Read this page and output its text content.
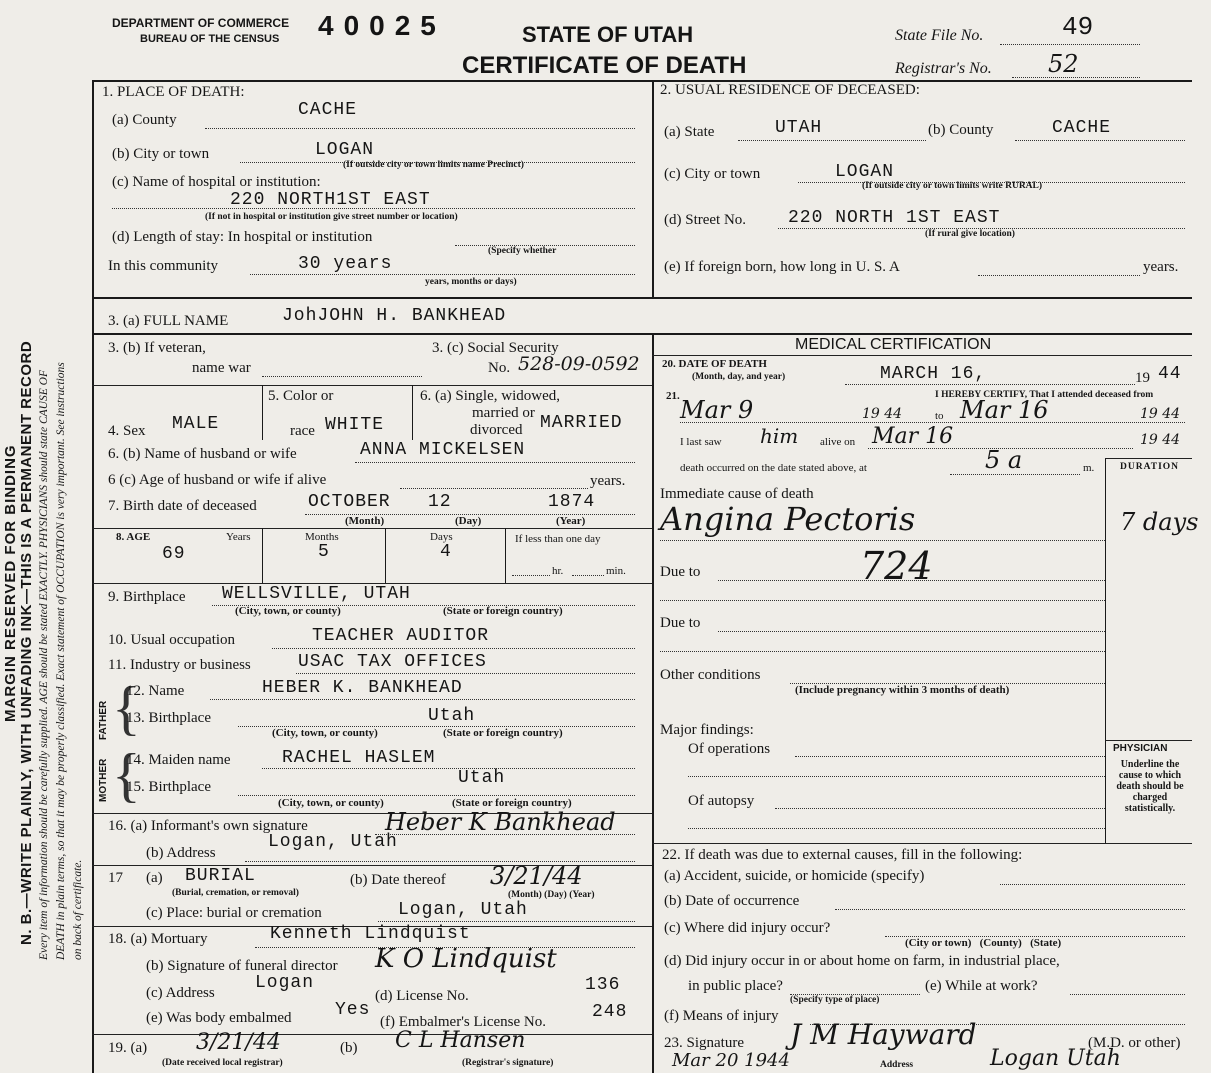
MARGIN RESERVED FOR BINDING N. B.—WRITE PLAINLY, WITH UNFADING INK—THIS IS A PERMANENT RECORD Every item of information should be carefully supplied. AGE should be stated EXACTLY. PHYSICIANS should state CAUSE OF DEATH in plain terms, so that it may be properly classified. Exact statement of OCCUPATION is very important. See instructions on back of certificate.
DEPARTMENT OF COMMERCE
BUREAU OF THE CENSUS 40025	STATE OF UTAH
CERTIFICATE OF DEATH
State File No.	49
Registrar's No. 52
1. PLACE OF DEATH:
(a) County	CACHE
(b) City or town	LOGAN
(If outside city or town limits name Precinct)
(c) Name of hospital or institution:
220 NORTH1ST EAST
(If not in hospital or institution give street number or location)
(d) Length of stay: In hospital or institution
(Specify whether
In this community	30 years
years, months or days)
2. USUAL RESIDENCE OF DECEASED:
(a) State	UTAH	(b) County	CACHE
(c) City or town	LOGAN
(If outside city or town limits write RURAL)
(d) Street No. 220 NORTH 1ST EAST
(If rural give location)
(e) If foreign born, how long in U. S. A	years.
3. (a) FULL NAME	JohJOHN H. BANKHEAD
3. (b) If veteran,
name war
3. (c) Social Security
No. 528-09-0592
MEDICAL CERTIFICATION
20. DATE OF DEATH
(Month, day, and year)	MARCH 16,	19 44
5. Color or
race WHITE
6. (a) Single, widowed,
married or
divorced MARRIED
4. Sex MALE
6. (b) Name of husband or wife	ANNA MICKELSEN
6 (c) Age of husband or wife if alive	years.
7. Birth date of deceased	OCTOBER 12	1874
(Month)	(Day)	(Year)
8. AGE	Years	Months	Days	If less than one day
69	5	4
hr.	min.
9. Birthplace WELLSVILLE, UTAH
(City, town, or county)	(State or foreign country)
10. Usual occupation	TEACHER AUDITOR
11. Industry or business	USAC TAX OFFICES
FATHER
MOTHER
{
{
12. Name	HEBER K. BANKHEAD
13. Birthplace	Utah
(City, town, or county)	(State or foreign country)
14. Maiden name	RACHEL HASLEM
15. Birthplace	Utah
(City, town, or county)	(State or foreign country)
16. (a) Informant's own signature	Heber K Bankhead
(b) Address
Logan, Utah
17 (a) BURIAL
(Burial, cremation, or removal)
(b) Date thereof 3/21/44
(Month) (Day) (Year)
(c) Place: burial or cremation	Logan, Utah
18. (a) Mortuary	Kenneth Lindquist
(b) Signature of funeral director K O Lindquist
(c) Address Logan
(d) License No.
136
(e) Was body embalmed Yes
(f) Embalmer's License No.	248
19. (a) 3/21/44
(Date received local registrar)
(b) C L Hansen
(Registrar's signature)
21.	I HEREBY CERTIFY, That I attended deceased from
Mar 9	19 44	to Mar 16	19 44
I last saw him alive on Mar 16	19 44
death occurred on the date stated above, at	5 a	m.	DURATION
Immediate cause of death
Angina Pectoris	7 days
Due to	724
Due to
Other conditions
(Include pregnancy within 3 months of death)
Major findings:
Of operations
Of autopsy
PHYSICIAN
Underline the cause to which death should be charged statistically.
22. If death was due to external causes, fill in the following:
(a) Accident, suicide, or homicide (specify)
(b) Date of occurrence
(c) Where did injury occur?
(City or town)   (County)   (State)
(d) Did injury occur in or about home on farm, in industrial place,
in public place?	(e) While at work?
(Specify type of place)
(f) Means of injury
23. Signature J M Hayward	(M.D. or other)
Mar 20 1944	Address	Logan Utah
